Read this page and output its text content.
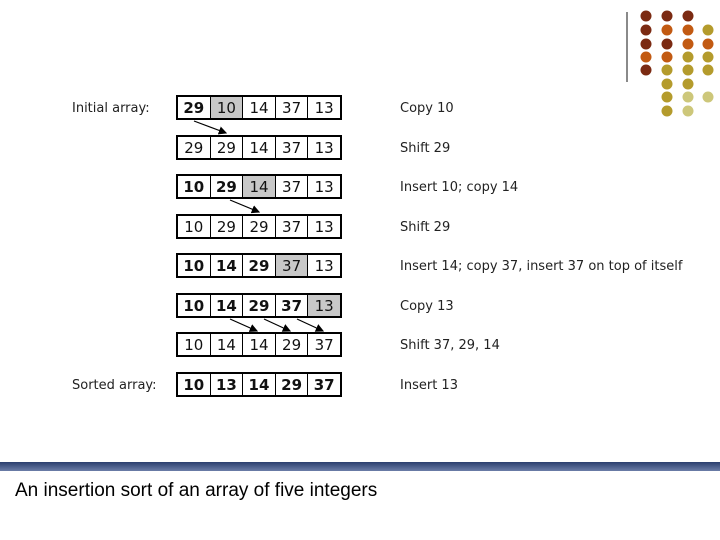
Initial array:
Sorted array:
29 10 14 37 13
29 29 14 37 13
10 29 14 37 13
10 29 29 37 13
10 14 29 37 13
10 14 29 37 13
10 14 14 29 37
10 13 14 29 37
An insertion sort of an array of five integers
Copy 10
Shift 29
Insert 10; copy 14
Shift 29
Insert 14; copy 37, insert 37 on top of itself
Copy 13
Shift 37, 29, 14
Insert 13
